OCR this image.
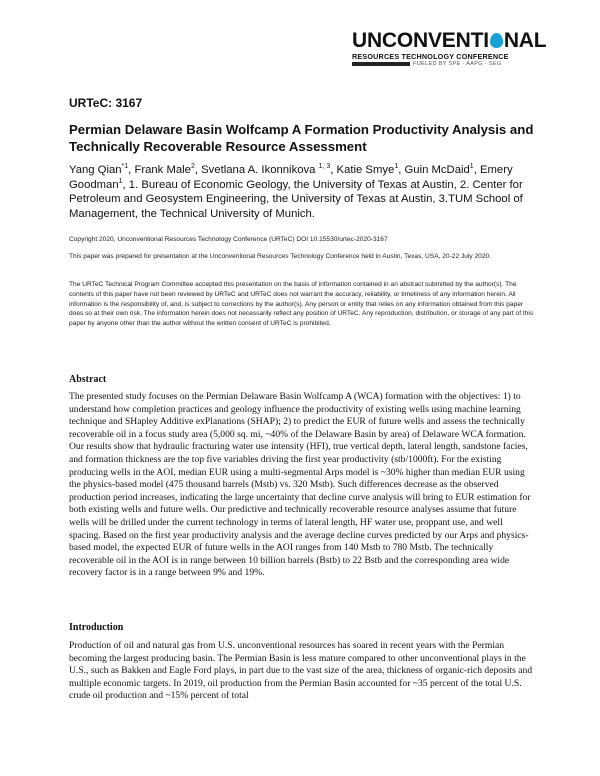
UNCONVENTI NAL
RESOURCES TECHNOLOGY CONFERENCE
FUELED BY SPE · AAPG · SEG
URTeC: 3167
Permian Delaware Basin Wolfcamp A Formation Productivity Analysis and Technically Recoverable Resource Assessment

Yang Qian$^{*1}$, Frank Male$^2$, Svetlana A. Ikonnikova $^{1, 3}$, Katie Smye$^1$, Guin McDaid$^1$, Emery Goodman$^1$, 1. Bureau of Economic Geology, the University of Texas at Austin, 2. Center for Petroleum and Geosystem Engineering, the University of Texas at Austin, 3.TUM School of Management, the Technical University of Munich.

Copyright 2020, Unconventional Resources Technology Conference (URTeC) DOI 10.15530/urtec-2020-3167

This paper was prepared for presentation at the Unconventional Resources Technology Conference held in Austin, Texas, USA, 20-22 July 2020.

The URTeC Technical Program Committee accepted this presentation on the basis of information contained in an abstract submitted by the author(s). The contents of this paper have not been reviewed by URTeC and URTeC does not warrant the accuracy, reliability, or timeliness of any information herein. All information is the responsibility of, and, is subject to corrections by the author(s). Any person or entity that relies on any information obtained from this paper does so at their own risk. The information herein does not necessarily reflect any position of URTeC. Any reproduction, distribution, or storage of any part of this paper by anyone other than the author without the written consent of URTeC is prohibited.

Abstract

The presented study focuses on the Permian Delaware Basin Wolfcamp A (WCA) formation with the objectives: 1) to understand how completion practices and geology influence the productivity of existing wells using machine learning technique and SHapley Additive exPlanations (SHAP); 2) to predict the EUR of future wells and assess the technically recoverable oil in a focus study area (5,000 sq. mi, ~40% of the Delaware Basin by area) of Delaware WCA formation. Our results show that hydraulic fracturing water use intensity (HFI), true vertical depth, lateral length, sandstone facies, and formation thickness are the top five variables driving the first year productivity (stb/1000ft). For the existing producing wells in the AOI, median EUR using a multi-segmental Arps model is ~30% higher than median EUR using the physics-based model (475 thousand barrels (Mstb) vs. 320 Mstb). Such differences decrease as the observed production period increases, indicating the large uncertainty that decline curve analysis will bring to EUR estimation for both existing wells and future wells. Our predictive and technically recoverable resource analyses assume that future wells will be drilled under the current technology in terms of lateral length, HF water use, proppant use, and well spacing. Based on the first year productivity analysis and the average decline curves predicted by our Arps and physics-based model, the expected EUR of future wells in the AOI ranges from 140 Mstb to 780 Mstb. The technically recoverable oil in the AOI is in range between 10 billion barrels (Bstb) to 22 Bstb and the corresponding area wide recovery factor is in a range between 9% and 19%.

Introduction

Production of oil and natural gas from U.S. unconventional resources has soared in recent years with the Permian becoming the largest producing basin. The Permian Basin is less mature compared to other unconventional plays in the U.S., such as Bakken and Eagle Ford plays, in part due to the vast size of the area, thickness of organic-rich deposits and multiple economic targets. In 2019, oil production from the Permian Basin accounted for ~35 percent of the total U.S. crude oil production and ~15% percent of total
